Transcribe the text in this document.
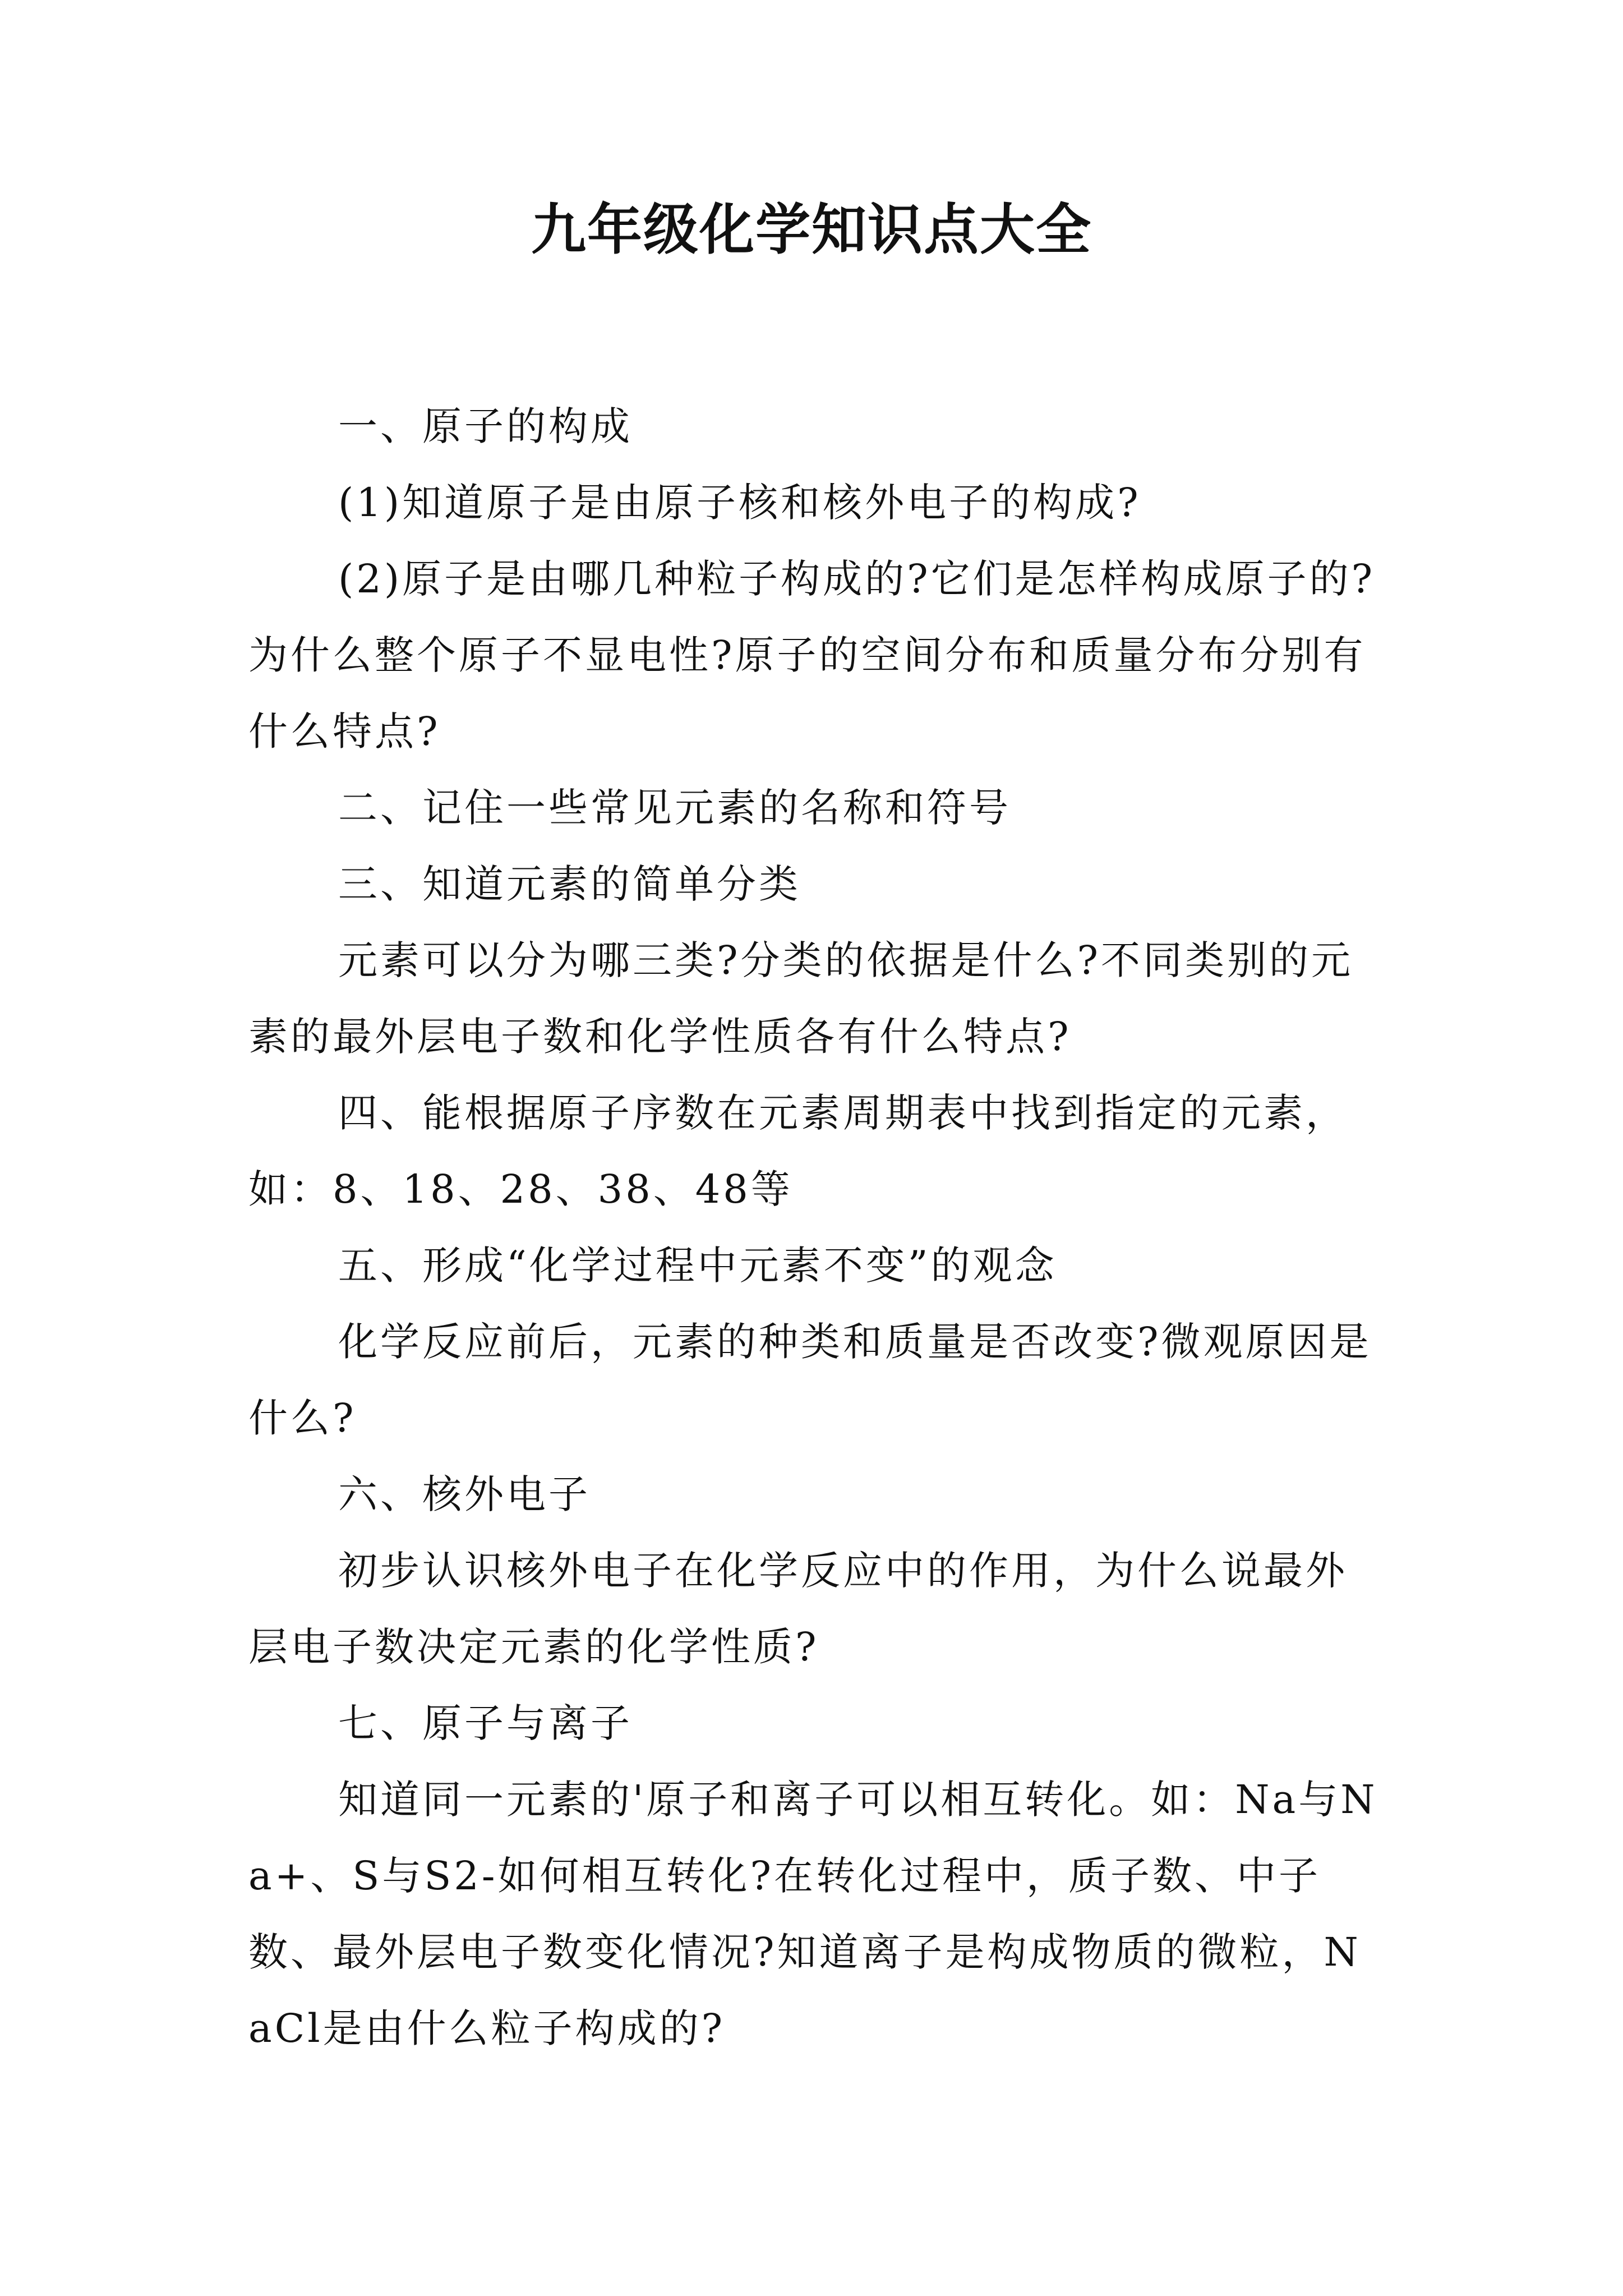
九年级化学知识点大全

一、原子的构成

(1)知道原子是由原子核和核外电子的构成?

(2)原子是由哪几种粒子构成的?它们是怎样构成原子的?为什么整个原子不显电性?原子的空间分布和质量分布分别有什么特点?

二、记住一些常见元素的名称和符号

三、知道元素的简单分类

元素可以分为哪三类?分类的依据是什么?不同类别的元素的最外层电子数和化学性质各有什么特点?

四、能根据原子序数在元素周期表中找到指定的元素，如：8、18、28、38、48等

五、形成“化学过程中元素不变”的观念

化学反应前后，元素的种类和质量是否改变?微观原因是什么?

六、核外电子

初步认识核外电子在化学反应中的作用，为什么说最外层电子数决定元素的化学性质?

七、原子与离子

知道同一元素的'原子和离子可以相互转化。如：Na与Na+、S与S2-如何相互转化?在转化过程中，质子数、中子数、最外层电子数变化情况?知道离子是构成物质的微粒，NaCl是由什么粒子构成的?
